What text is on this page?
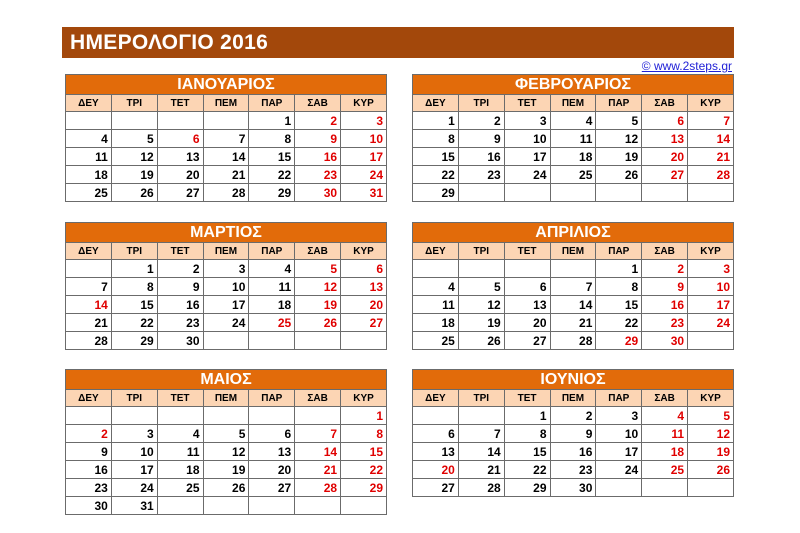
ΗΜΕΡΟΛΟΓΙΟ 2016
© www.2steps.gr
ΙΑΝΟΥΑΡΙΟΣ						
ΔΕΥ	ΤΡΙ	ΤΕΤ	ΠΕΜ	ΠΑΡ	ΣΑΒ	ΚΥΡ
				1	2	3
4	5	6	7	8	9	10
11	12	13	14	15	16	17
18	19	20	21	22	23	24
25	26	27	28	29	30	31
ΦΕΒΡΟΥΑΡΙΟΣ						
ΔΕΥ	ΤΡΙ	ΤΕΤ	ΠΕΜ	ΠΑΡ	ΣΑΒ	ΚΥΡ
1	2	3	4	5	6	7
8	9	10	11	12	13	14
15	16	17	18	19	20	21
22	23	24	25	26	27	28
29						
ΜΑΡΤΙΟΣ						
ΔΕΥ	ΤΡΙ	ΤΕΤ	ΠΕΜ	ΠΑΡ	ΣΑΒ	ΚΥΡ
	1	2	3	4	5	6
7	8	9	10	11	12	13
14	15	16	17	18	19	20
21	22	23	24	25	26	27
28	29	30				
ΑΠΡΙΛΙΟΣ						
ΔΕΥ	ΤΡΙ	ΤΕΤ	ΠΕΜ	ΠΑΡ	ΣΑΒ	ΚΥΡ
				1	2	3
4	5	6	7	8	9	10
11	12	13	14	15	16	17
18	19	20	21	22	23	24
25	26	27	28	29	30	
ΜΑΙΟΣ						
ΔΕΥ	ΤΡΙ	ΤΕΤ	ΠΕΜ	ΠΑΡ	ΣΑΒ	ΚΥΡ
						1
2	3	4	5	6	7	8
9	10	11	12	13	14	15
16	17	18	19	20	21	22
23	24	25	26	27	28	29
30	31					
ΙΟΥΝΙΟΣ						
ΔΕΥ	ΤΡΙ	ΤΕΤ	ΠΕΜ	ΠΑΡ	ΣΑΒ	ΚΥΡ
		1	2	3	4	5
6	7	8	9	10	11	12
13	14	15	16	17	18	19
20	21	22	23	24	25	26
27	28	29	30			
